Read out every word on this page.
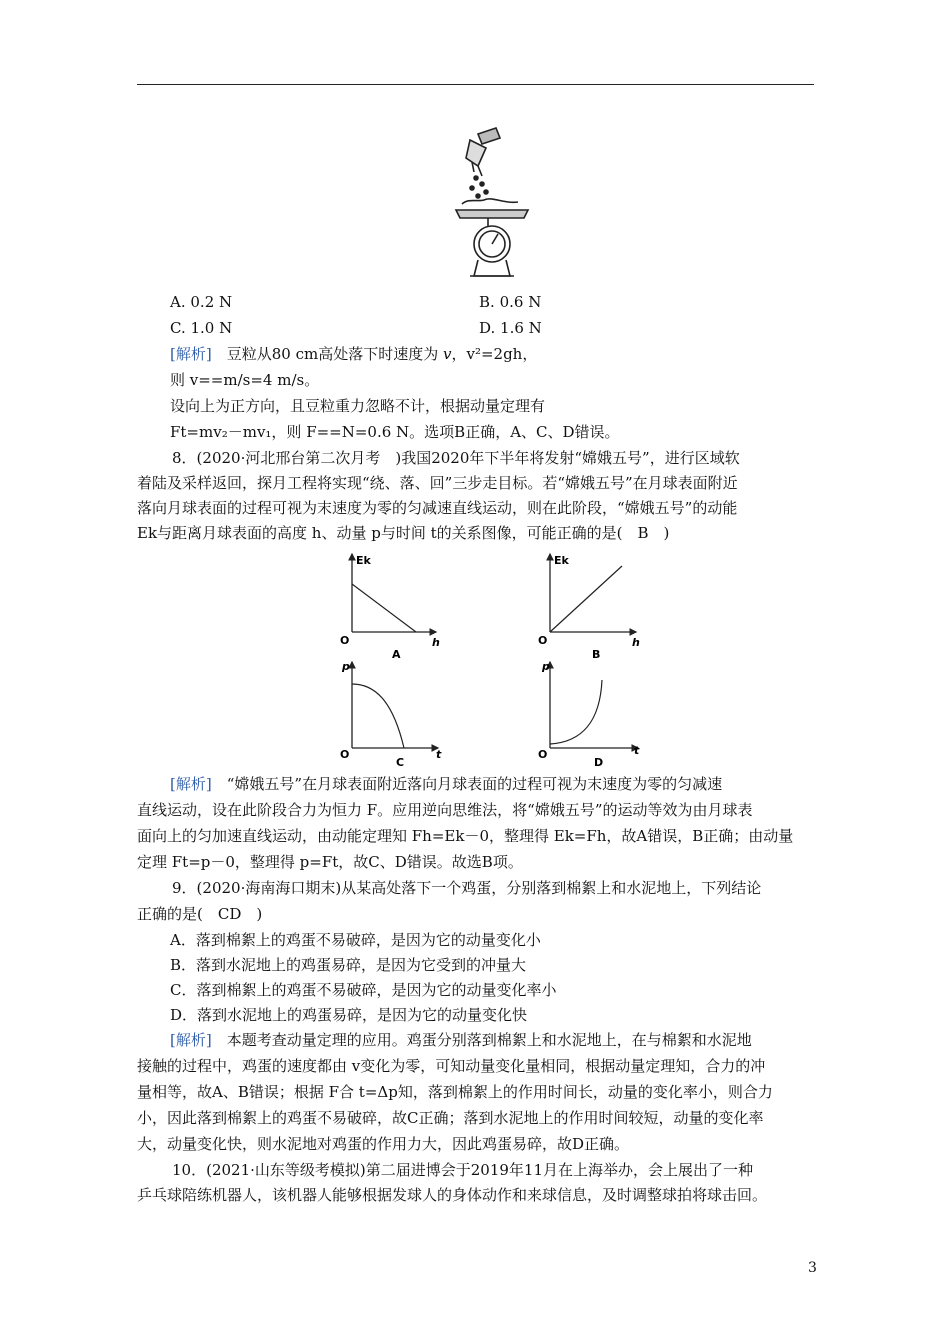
A. 0.2 N	B. 0.6 N
C. 1.0 N	D. 1.6 N
[解析]　 豆粒从80 cm高处落下时速度为 v，v²=2gh，
则 v==m/s=4 m/s。
设向上为正方向，且豆粒重力忽略不计，根据动量定理有
Ft=mv₂－mv₁，则 F==N=0.6 N。选项B正确，A、C、D错误。
8．(2020·河北邢台第二次月考　)我国2020年下半年将发射“嫦娥五号”，进行区域软
着陆及采样返回，探月工程将实现“绕、落、回”三步走目标。若“嫦娥五号”在月球表面附近
落向月球表面的过程可视为末速度为零的匀减速直线运动，则在此阶段，“嫦娥五号”的动能
Ek与距离月球表面的高度 h、动量 p与时间 t的关系图像，可能正确的是(　B　)
Ek
O	h
A
Ek
O	h
B
p
O	t
C
p
O	t
D
[解析]　 “嫦娥五号”在月球表面附近落向月球表面的过程可视为末速度为零的匀减速
直线运动，设在此阶段合力为恒力 F。应用逆向思维法，将“嫦娥五号”的运动等效为由月球表
面向上的匀加速直线运动，由动能定理知 Fh=Ek－0，整理得 Ek=Fh，故A错误，B正确；由动量
定理 Ft=p－0，整理得 p=Ft，故C、D错误。故选B项。
9．(2020·海南海口期末)从某高处落下一个鸡蛋，分别落到棉絮上和水泥地上，下列结论
正确的是(　CD　)
A．落到棉絮上的鸡蛋不易破碎，是因为它的动量变化小
B．落到水泥地上的鸡蛋易碎，是因为它受到的冲量大
C．落到棉絮上的鸡蛋不易破碎，是因为它的动量变化率小
D．落到水泥地上的鸡蛋易碎，是因为它的动量变化快
[解析]　 本题考查动量定理的应用。鸡蛋分别落到棉絮上和水泥地上，在与棉絮和水泥地
接触的过程中，鸡蛋的速度都由 v变化为零，可知动量变化量相同，根据动量定理知，合力的冲
量相等，故A、B错误；根据 F合 t=Δp知，落到棉絮上的作用时间长，动量的变化率小，则合力
小，因此落到棉絮上的鸡蛋不易破碎，故C正确；落到水泥地上的作用时间较短，动量的变化率
大，动量变化快，则水泥地对鸡蛋的作用力大，因此鸡蛋易碎，故D正确。
10．(2021·山东等级考模拟)第二届进博会于2019年11月在上海举办，会上展出了一种
乒乓球陪练机器人，该机器人能够根据发球人的身体动作和来球信息，及时调整球拍将球击回。
3
